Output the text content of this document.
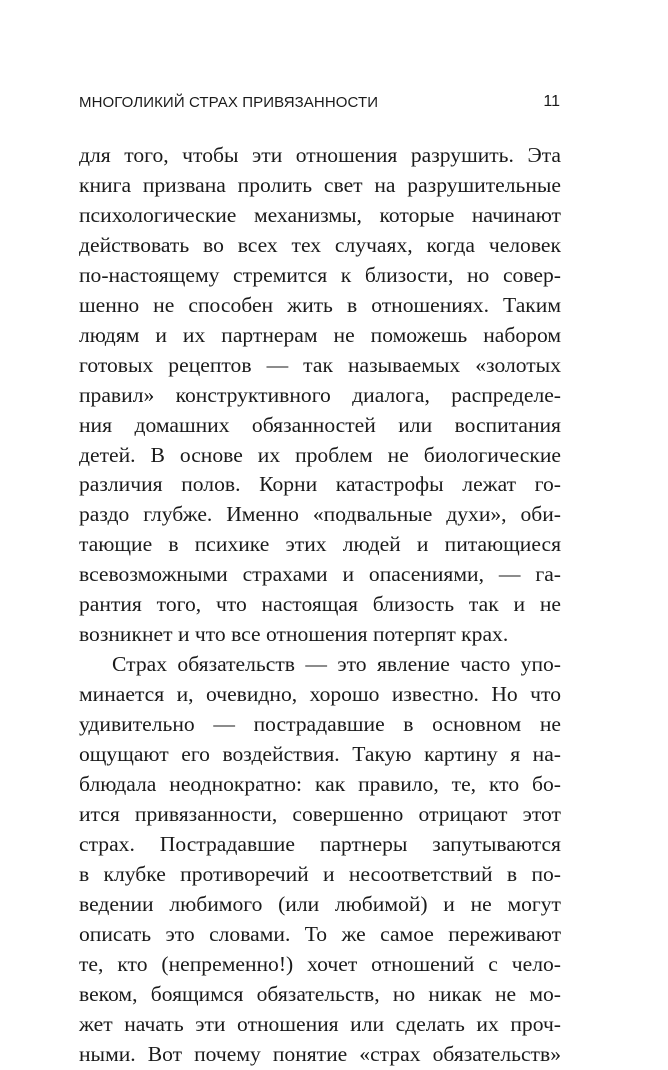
МНОГОЛИКИЙ СТРАХ ПРИВЯЗАННОСТИ	11
для того, чтобы эти отношения разрушить. Эта
книга призвана пролить свет на разрушительные
психологические механизмы, которые начинают
действовать во всех тех случаях, когда человек
по-настоящему стремится к близости, но совер-
шенно не способен жить в отношениях. Таким
людям и их партнерам не поможешь набором
готовых рецептов — так называемых «золотых
правил» конструктивного диалога, распределе-
ния домашних обязанностей или воспитания
детей. В основе их проблем не биологические
различия полов. Корни катастрофы лежат го-
раздо глубже. Именно «подвальные духи», оби-
тающие в психике этих людей и питающиеся
всевозможными страхами и опасениями, — га-
рантия того, что настоящая близость так и не
возникнет и что все отношения потерпят крах.
Страх обязательств — это явление часто упо-
минается и, очевидно, хорошо известно. Но что
удивительно — пострадавшие в основном не
ощущают его воздействия. Такую картину я на-
блюдала неоднократно: как правило, те, кто бо-
ится привязанности, совершенно отрицают этот
страх. Пострадавшие партнеры запутываются
в клубке противоречий и несоответствий в по-
ведении любимого (или любимой) и не могут
описать это словами. То же самое переживают
те, кто (непременно!) хочет отношений с чело-
веком, боящимся обязательств, но никак не мо-
жет начать эти отношения или сделать их проч-
ными. Вот почему понятие «страх обязательств»
